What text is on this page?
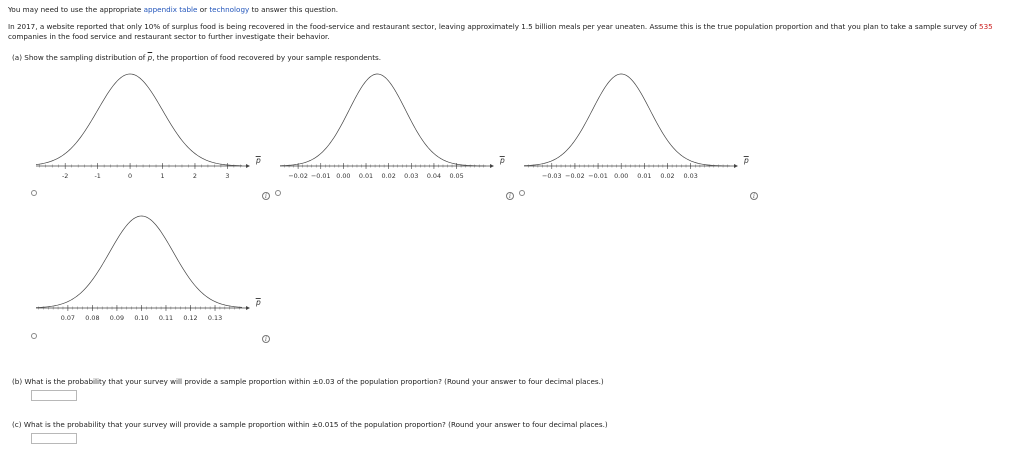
You may need to use the appropriate appendix table or technology to answer this question.
In 2017, a website reported that only 10% of surplus food is being recovered in the food-service and restaurant sector, leaving approximately 1.5 billion meals per year uneaten. Assume this is the true population proportion and that you plan to take a sample survey of 535 companies in the food service and restaurant sector to further investigate their behavior.
(a) Show the sampling distribution of $\overline{p}$, the proportion of food recovered by your sample respondents.
-2	-1	0	1	2	3
p
i
−0.02 −0.01 0.00 0.01 0.02 0.03 0.04 0.05
p
i
−0.03 −0.02 −0.01 0.00 0.01 0.02 0.03
p
i
0.07 0.08 0.09 0.10 0.11 0.12 0.13
p
i
(b) What is the probability that your survey will provide a sample proportion within ±0.03 of the population proportion? (Round your answer to four decimal places.)
(c) What is the probability that your survey will provide a sample proportion within ±0.015 of the population proportion? (Round your answer to four decimal places.)
